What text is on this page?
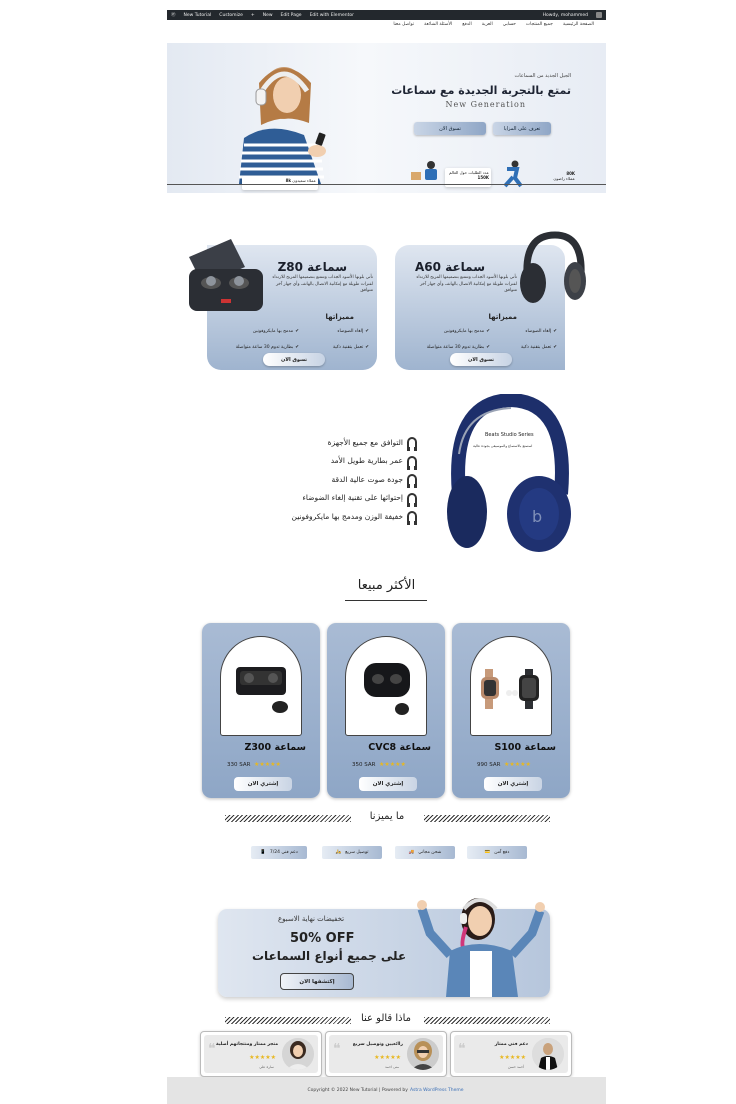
Ⓦ New Tutorial Customize + New Edit Page Edit with Elementor	Howdy, mohammed
الصفحة الرئيسية
جميع المنتجات
حسابي
العربة
الدفع
الأسئلة الشائعة
تواصل معنا
الجيل الجديد من السماعات
تمتع بالتجربة الجديدة مع سماعات
New Generation
تعرف على المزايا
تسوق الان
عملاء سعيدون 8k
عدد الطلبات حول العالم
150K
80K
عملاء راضون
سماعة Z80
تأتي بلونها الأسود الجذاب وتتمتع بتصميمها المريح للارتداء لفترات طويلة مع إمكانية الاتصال بالهاتف وأي جهاز آخر متوافق
مميزاتها
✔إلغاء الضوضاء
✔مدمج بها مايكروفونين
✔بطارية تدوم 30 ساعة متواصلة	✔تعمل بتقنية ذكية
تسوق الان
سماعة A60
تأتي بلونها الأسود الجذاب وتتمتع بتصميمها المريح للارتداء لفترات طويلة مع إمكانية الاتصال بالهاتف وأي جهاز آخر متوافق
مميزاتها
✔إلغاء الضوضاء
✔مدمج بها مايكروفونين
✔بطارية تدوم 30 ساعة متواصلة	✔تعمل بتقنية ذكية
تسوق الان
b
Beats Studio Series
استمتع بالاستماع والموسيقى بجودة عالية
التوافق مع جميع الأجهزة
عمر بطارية طويل الأمد
جودة صوت عالية الدقة
إحتوائها على تقنية إلغاء الضوضاء
خفيفة الوزن ومدمج بها مايكروفونين
الأكثر مبيعا
سماعة Z300
★★★★★
330 SAR
إشتري الان
سماعة CVC8
★★★★★
350 SAR
إشتري الان
سماعة S100
★★★★★
990 SAR
إشتري الان
ما يميزنا
دعم فني 7/24
📱	توصيل سريع
🛵	شحن مجاني
🚚	دفع آمن
💳
تخفيضات نهاية الاسبوع
50% OFF
على جميع أنواع السماعات
إكتشفها الان
ماذا قالو عنا
❝ متجر ممتاز ومنتجاتهم أصلية
★★★★★
سارة علي
❝	راائعيين وتوصيل سريع
★★★★★
منى احمد
❝	دعم فني ممتاز
★★★★★
أحمد حسن
Copyright © 2022 New Tutorial | Powered by Astra WordPress Theme
